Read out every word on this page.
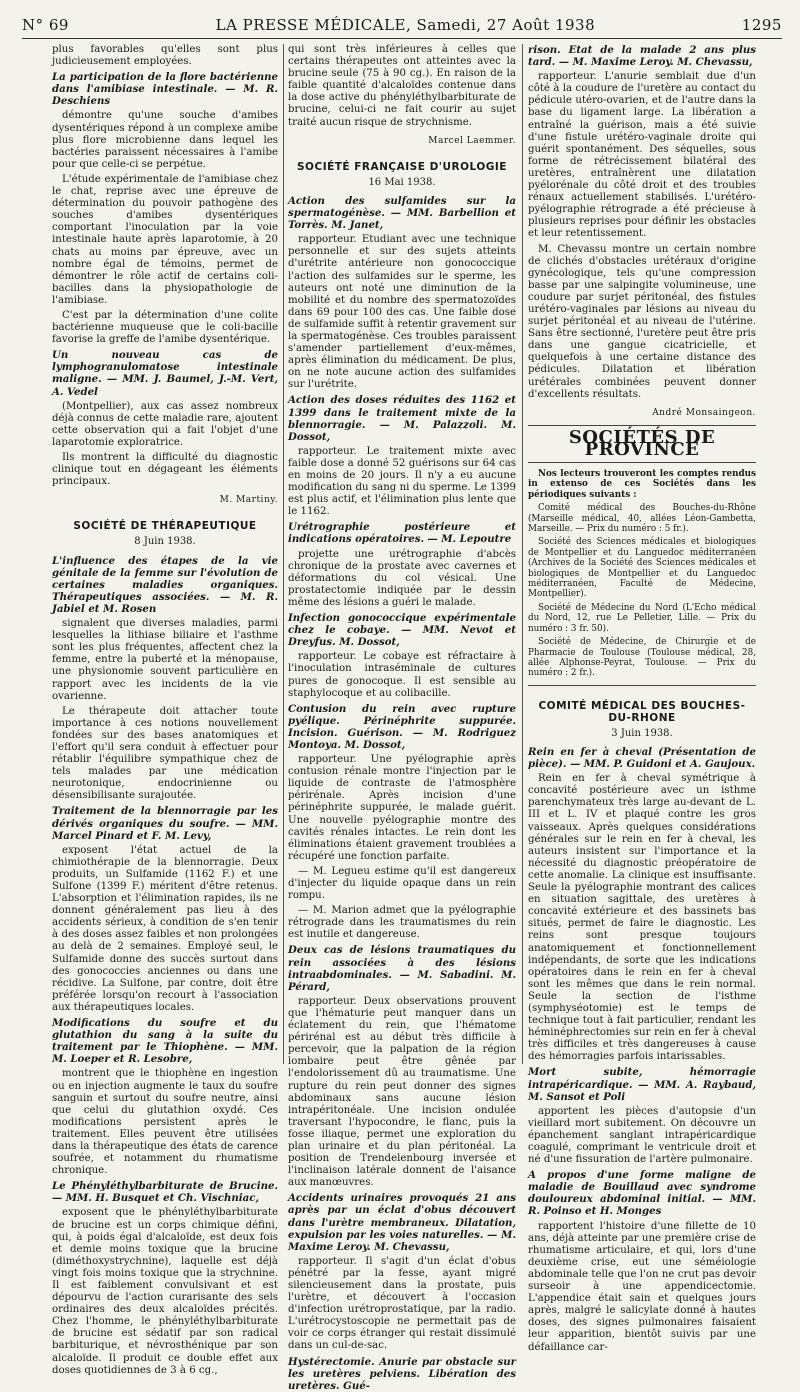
N° 69	LA PRESSE MÉDICALE, Samedi, 27 Août 1938	1295

plus favorables qu'elles sont plus judicieusement employées.

La participation de la flore bactérienne dans l'amibiase intestinale. — M. R. Deschiens

démontre qu'une souche d'amibes dysentériques répond à un complexe amibe plus flore microbienne dans lequel les bactéries paraissent nécessaires à l'amibe pour que celle-ci se perpétue.

L'étude expérimentale de l'amibiase chez le chat, reprise avec une épreuve de détermination du pouvoir pathogène des souches d'amibes dysentériques comportant l'inoculation par la voie intestinale haute après laparotomie, à 20 chats au moins par épreuve, avec un nombre égal de témoins, permet de démontrer le rôle actif de certains coli-bacilles dans la physiopathologie de l'amibiase.

C'est par la détermination d'une colite bactérienne muqueuse que le coli-bacille favorise la greffe de l'amibe dysentérique.

Un nouveau cas de lymphogranulomatose intestinale maligne. — MM. J. Baumel, J.-M. Vert, A. Vedel

(Montpellier), aux cas assez nombreux déjà connus de cette maladie rare, ajoutent cette observation qui a fait l'objet d'une laparotomie exploratrice.

Ils montrent la difficulté du diagnostic clinique tout en dégageant les éléments principaux.

M. Martiny.

SOCIÉTÉ DE THÉRAPEUTIQUE

8 Juin 1938.

L'influence des étapes de la vie génitale de la femme sur l'évolution de certaines maladies organiques. Thérapeutiques associées. — M. R. Jabiel et M. Rosen

signalent que diverses maladies, parmi lesquelles la lithiase biliaire et l'asthme sont les plus fréquentes, affectent chez la femme, entre la puberté et la ménopause, une physionomie souvent particulière en rapport avec les incidents de la vie ovarienne.

Le thérapeute doit attacher toute importance à ces notions nouvellement fondées sur des bases anatomiques et l'effort qu'il sera conduit à effectuer pour rétablir l'équilibre sympathique chez de tels malades par une médication neurotonique, endocrinienne ou désensibilisante surajoutée.

Traitement de la blennorragie par les dérivés organiques du soufre. — MM. Marcel Pinard et F. M. Levy,

exposent l'état actuel de la chimiothérapie de la blennorragie. Deux produits, un Sulfamide (1162 F.) et une Sulfone (1399 F.) méritent d'être retenus. L'absorption et l'élimination rapides, ils ne donnent généralement pas lieu à des accidents sérieux, à condition de s'en tenir à des doses assez faibles et non prolongées au delà de 2 semaines. Employé seul, le Sulfamide donne des succès surtout dans des gonococcies anciennes ou dans une récidive. La Sulfone, par contre, doit être préférée lorsqu'on recourt à l'association aux thérapeutiques locales.

Modifications du soufre et du glutathion du sang à la suite du traitement par le Thiophène. — MM. M. Loeper et R. Lesobre,

montrent que le thiophène en ingestion ou en injection augmente le taux du soufre sanguin et surtout du soufre neutre, ainsi que celui du glutathion oxydé. Ces modifications persistent après le traitement. Elles peuvent être utilisées dans la thérapeutique des états de carence soufrée, et notamment du rhumatisme chronique.

Le Phényléthylbarbiturate de Brucine. — MM. H. Busquet et Ch. Vischniac,

exposent que le phényléthylbarbiturate de brucine est un corps chimique défini, qui, à poids égal d'alcaloïde, est deux fois et demie moins toxique que la brucine (diméthoxystrychnine), laquelle est déjà vingt fois moins toxique que la strychnine. Il est faiblement convulsivant et est dépourvu de l'action curarisante des sels ordinaires des deux alcaloïdes précités. Chez l'homme, le phényléthylbarbiturate de brucine est sédatif par son radical barbiturique, et névrosthénique par son alcaloïde. Il produit ce double effet aux doses quotidiennes de 3 à 6 cg.,

qui sont très inférieures à celles que certains thérapeutes ont atteintes avec la brucine seule (75 à 90 cg.). En raison de la faible quantité d'alcaloïdes contenue dans la dose active du phényléthylbarbiturate de brucine, celui-ci ne fait courir au sujet traité aucun risque de strychnisme.

Marcel Laemmer.

SOCIÉTÉ FRANÇAISE D'UROLOGIE

16 Mai 1938.

Action des sulfamides sur la spermatogénèse. — MM. Barbellion et Torrès. M. Janet,

rapporteur. Etudiant avec une technique personnelle et sur des sujets atteints d'urétrite antérieure non gonococcique l'action des sulfamides sur le sperme, les auteurs ont noté une diminution de la mobilité et du nombre des spermatozoïdes dans 69 pour 100 des cas. Une faible dose de sulfamide suffit à retentir gravement sur la spermatogénèse. Ces troubles paraissent s'amender partiellement d'eux-mêmes, après élimination du médicament. De plus, on ne note aucune action des sulfamides sur l'urétrite.

Action des doses réduites des 1162 et 1399 dans le traitement mixte de la blennorragie. — M. Palazzoli. M. Dossot,

rapporteur. Le traitement mixte avec faible dose a donné 52 guérisons sur 64 cas en moins de 20 jours. Il n'y a eu aucune modification du sang ni du sperme. Le 1399 est plus actif, et l'élimination plus lente que le 1162.

Urétrographie postérieure et indications opératoires. — M. Lepoutre

projette une urétrographie d'abcès chronique de la prostate avec cavernes et déformations du col vésical. Une prostatectomie indiquée par le dessin même des lésions a guéri le malade.

Infection gonococcique expérimentale chez le cobaye. — MM. Nevot et Dreyfus. M. Dossot,

rapporteur. Le cobaye est réfractaire à l'inoculation intraséminale de cultures pures de gonocoque. Il est sensible au staphylocoque et au colibacille.

Contusion du rein avec rupture pyélique. Périnéphrite suppurée. Incision. Guérison. — M. Rodriguez Montoya. M. Dossot,

rapporteur. Une pyélographie après contusion rénale montre l'injection par le liquide de contraste de l'atmosphère périrénale. Après incision d'une périnéphrite suppurée, le malade guérit. Une nouvelle pyélographie montre des cavités rénales intactes. Le rein dont les éliminations étaient gravement troublées a récupéré une fonction parfaite.

— M. Legueu estime qu'il est dangereux d'injecter du liquide opaque dans un rein rompu.

— M. Marion admet que la pyélographie rétrograde dans les traumatismes du rein est inutile et dangereuse.

Deux cas de lésions traumatiques du rein associées à des lésions intraabdominales. — M. Sabadini. M. Pérard,

rapporteur. Deux observations prouvent que l'hématurie peut manquer dans un éclatement du rein, que l'hématome périrénal est au début très difficile à percevoir, que la palpation de la région lombaire peut être gênée par l'endolorissement dû au traumatisme. Une rupture du rein peut donner des signes abdominaux sans aucune lésion intrapéritonéale. Une incision ondulée traversant l'hypocondre, le flanc, puis la fosse iliaque, permet une exploration du plan urinaire et du plan péritonéal. La position de Trendelenbourg inversée et l'inclinaison latérale donnent de l'aisance aux manœuvres.

Accidents urinaires provoqués 21 ans après par un éclat d'obus découvert dans l'urètre membraneux. Dilatation, expulsion par les voies naturelles. — M. Maxime Leroy. M. Chevassu,

rapporteur. Il s'agit d'un éclat d'obus pénétré par la fesse, ayant migré silencieusement dans la prostate, puis l'urètre, et découvert à l'occasion d'infection urétroprostatique, par la radio. L'urétrocystoscopie ne permettait pas de voir ce corps étranger qui restait dissimulé dans un cul-de-sac.

Hystérectomie. Anurie par obstacle sur les uretères pelviens. Libération des uretères. Gué-

rison. Etat de la malade 2 ans plus tard. — M. Maxime Leroy. M. Chevassu,

rapporteur. L'anurie semblait due d'un côté à la coudure de l'uretère au contact du pédicule utéro-ovarien, et de l'autre dans la base du ligament large. La libération a entraîné la guérison, mais a été suivie d'une fistule urétéro-vaginale droite qui guérit spontanément. Des séquelles, sous forme de rétrécissement bilatéral des uretères, entraînèrent une dilatation pyélorénale du côté droit et des troubles rénaux actuellement stabilisés. L'urétéro-pyélographie rétrograde a été précieuse à plusieurs reprises pour définir les obstacles et leur retentissement.

M. Chevassu montre un certain nombre de clichés d'obstacles urétéraux d'origine gynécologique, tels qu'une compression basse par une salpingite volumineuse, une coudure par surjet péritonéal, des fistules urétéro-vaginales par lésions au niveau du surjet péritonéal et au niveau de l'utérine. Sans être sectionné, l'uretère peut être pris dans une gangue cicatricielle, et quelquefois à une certaine distance des pédicules. Dilatation et libération urétérales combinées peuvent donner d'excellents résultats.

André Monsaingeon.

SOCIÉTÉS DE PROVINCE

Nos lecteurs trouveront les comptes rendus in extenso de ces Sociétés dans les périodiques suivants :

Comité médical des Bouches-du-Rhône (Marseille médical, 40, allées Léon-Gambetta, Marseille. — Prix du numéro : 5 fr.).

Société des Sciences médicales et biologiques de Montpellier et du Languedoc méditerranéen (Archives de la Société des Sciences médicales et biologiques de Montpellier et du Languedoc méditerranéen, Faculté de Médecine, Montpellier).

Société de Médecine du Nord (L'Echo médical du Nord, 12, rue Le Pelletier, Lille. — Prix du numéro : 3 fr. 50).

Société de Médecine, de Chirurgie et de Pharmacie de Toulouse (Toulouse médical, 28, allée Alphonse-Peyrat, Toulouse. — Prix du numéro : 2 fr.).

COMITÉ MÉDICAL DES BOUCHES-DU-RHONE

3 Juin 1938.

Rein en fer à cheval (Présentation de pièce). — MM. P. Guidoni et A. Gaujoux.

Rein en fer à cheval symétrique à concavité postérieure avec un isthme parenchymateux très large au-devant de L. III et L. IV et plaqué contre les gros vaisseaux. Après quelques considérations générales sur le rein en fer à cheval, les auteurs insistent sur l'importance et la nécessité du diagnostic préopératoire de cette anomalie. La clinique est insuffisante. Seule la pyélographie montrant des calices en situation sagittale, des uretères à concavité extérieure et des bassinets bas situés, permet de faire le diagnostic. Les reins sont presque toujours anatomiquement et fonctionnellement indépendants, de sorte que les indications opératoires dans le rein en fer à cheval sont les mêmes que dans le rein normal. Seule la section de l'isthme (symphyséotomie) est le temps de technique tout à fait particulier, rendant les héminéphrectomies sur rein en fer à cheval très difficiles et très dangereuses à cause des hémorragies parfois intarissables.

Mort subite, hémorragie intrapéricardique. — MM. A. Raybaud, M. Sansot et Poli

apportent les pièces d'autopsie d'un vieillard mort subitement. On découvre un épanchement sanglant intrapéricardique coagulé, comprimant le ventricule droit et né d'une fissuration de l'artère pulmonaire.

A propos d'une forme maligne de maladie de Bouillaud avec syndrome douloureux abdominal initial. — MM. R. Poinso et H. Monges

rapportent l'histoire d'une fillette de 10 ans, déjà atteinte par une première crise de rhumatisme articulaire, et qui, lors d'une deuxième crise, eut une séméiologie abdominale telle que l'on ne crut pas devoir surseoir à une appendicectomie. L'appendice était sain et quelques jours après, malgré le salicylate donné à hautes doses, des signes pulmonaires faisaient leur apparition, bientôt suivis par une défaillance car-
